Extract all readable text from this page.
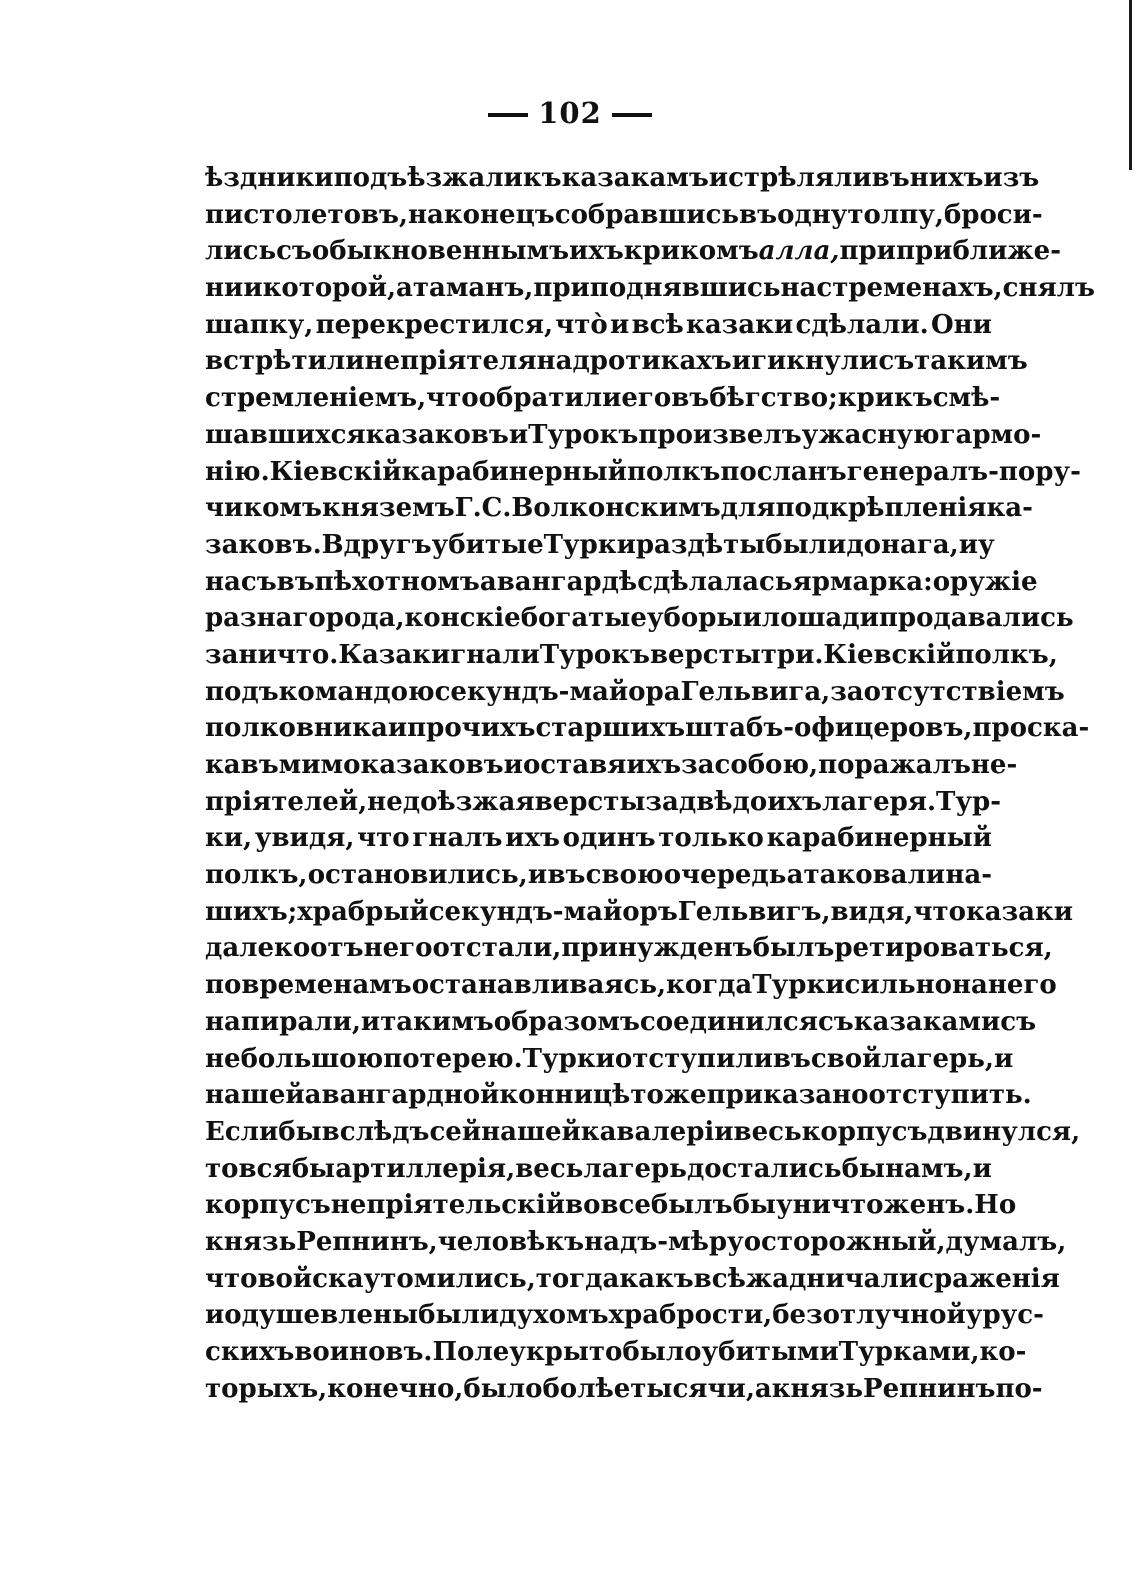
102
ѣздники подъѣзжали къ казакамъ и стрѣляли въ нихъ изъ
пистолетовъ, наконецъ собравшись въ одну толпу, броси-
лись съ обыкновеннымъ ихъ крикомъ алла, при приближе-
нии которой, атаманъ, приподнявшись на стременахъ, снялъ
шапку, перекрестился, что̀ и всѣ казаки сдѣлали. Они
встрѣтили непріятеля на дротикахъ и гикнули съ такимъ
стремленіемъ, что обратили его въ бѣгство; крикъ смѣ-
шавшихся казаковъ и Турокъ произвелъ ужасную гармо-
нію. Кіевскій карабинерный полкъ посланъ генералъ-пору-
чикомъ княземъ Г. С. Волконскимъ для подкрѣпленія ка-
заковъ. Вдругъ убитые Турки раздѣты были донага, и у
насъ въ пѣхотномъ авангардѣ сдѣлалась ярмарка: оружіе
разнаго рода, конскіе богатые уборы и лошади продавались
за ничто. Казаки гнали Турокъ версты три. Кіевскій полкъ,
подъ командою секундъ-майора Гельвига, за отсутствіемъ
полковника и прочихъ старшихъ штабъ-офицеровъ, проска-
кавъ мимо казаковъ и оставя ихъ за собою, поражалъ не-
пріятелей, не доѣзжая версты за двѣ до ихъ лагеря. Тур-
ки, увидя, что гналъ ихъ одинъ только карабинерный
полкъ, остановились, и въ свою очередь атаковали на-
шихъ; храбрый секундъ-майоръ Гельвигъ, видя, что казаки
далеко отъ него отстали, принужденъ былъ ретироваться,
по временамъ останавливаясь, когда Турки сильно на него
напирали, и такимъ образомъ соединился съ казаками съ
небольшою потерею. Турки отступили въ свой лагерь, и
нашей авангардной конницѣ тоже приказано отступить.
Еслибы вслѣдъ сей нашей кавалеріи весь корпусъ двинулся,
то вся бы артиллерія, весь лагерь достались бы намъ, и
корпусъ непріятельскій вовсе былъ бы уничтоженъ. Но
князь Репнинъ, человѣкъ надъ-мѣру осторожный, думалъ,
что войска утомились, тогда какъ всѣ жадничали сраженія
и одушевлены были духомъ храбрости, безотлучной у рус-
скихъ воиновъ. Поле укрыто было убитыми Турками, ко-
торыхъ, конечно, было болѣе тысячи, а князь Репнинъ по-
